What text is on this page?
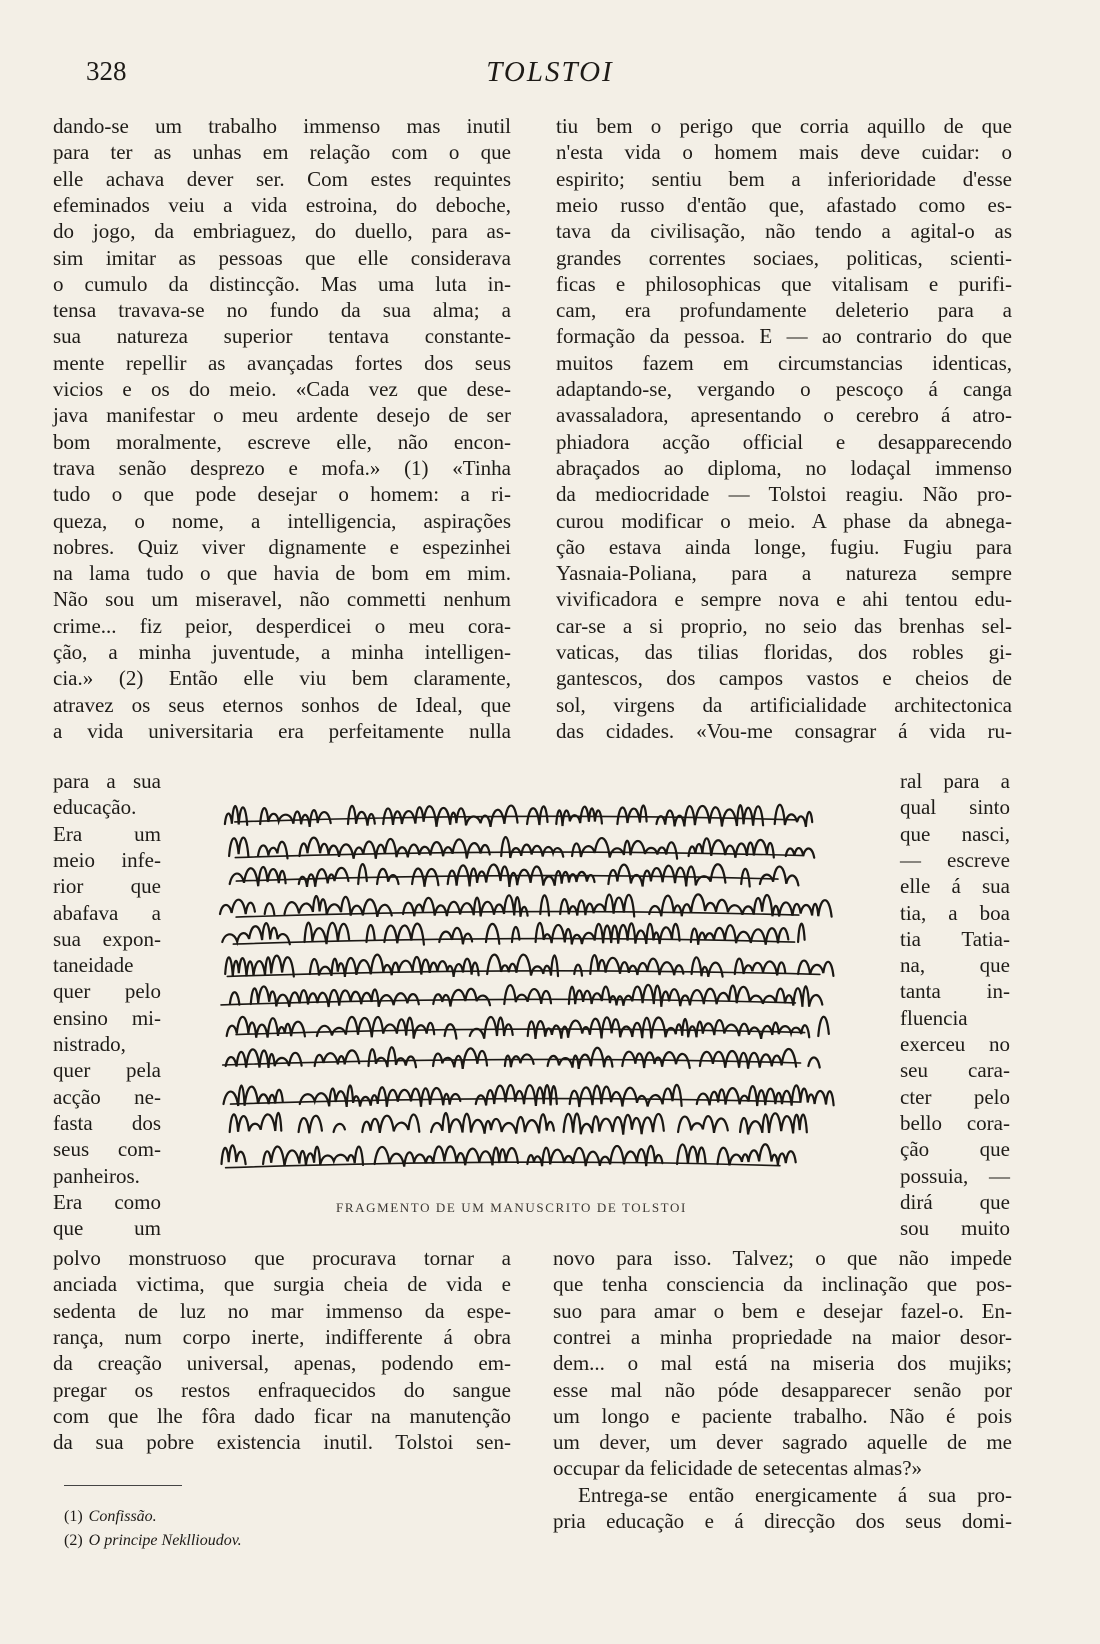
328	TOLSTOI
dando-se um trabalho immenso mas inutil
para ter as unhas em relação com o que
elle achava dever ser. Com estes requintes
efeminados veiu a vida estroina, do deboche,
do jogo, da embriaguez, do duello, para as-
sim imitar as pessoas que elle considerava
o cumulo da distincção. Mas uma luta in-
tensa travava-se no fundo da sua alma; a
sua natureza superior tentava constante-
mente repellir as avançadas fortes dos seus
vicios e os do meio. «Cada vez que dese-
java manifestar o meu ardente desejo de ser
bom moralmente, escreve elle, não encon-
trava senão desprezo e mofa.» (1) «Tinha
tudo o que pode desejar o homem: a ri-
queza, o nome, a intelligencia, aspirações
nobres. Quiz viver dignamente e espezinhei
na lama tudo o que havia de bom em mim.
Não sou um miseravel, não commetti nenhum
crime... fiz peior, desperdicei o meu cora-
ção, a minha juventude, a minha intelligen-
cia.» (2) Então elle viu bem claramente,
atravez os seus eternos sonhos de Ideal, que
a vida universitaria era perfeitamente nulla
para a sua
educação.
Era um
meio infe-
rior que
abafava a
sua expon-
taneidade
quer pelo
ensino mi-
nistrado,
quer pela
acção ne-
fasta dos
seus com-
panheiros.
Era como
que um
polvo monstruoso que procurava tornar a
anciada victima, que surgia cheia de vida e
sedenta de luz no mar immenso da espe-
rança, num corpo inerte, indifferente á obra
da creação universal, apenas, podendo em-
pregar os restos enfraquecidos do sangue
com que lhe fôra dado ficar na manutenção
da sua pobre existencia inutil. Tolstoi sen-
tiu bem o perigo que corria aquillo de que
n'esta vida o homem mais deve cuidar: o
espirito; sentiu bem a inferioridade d'esse
meio russo d'então que, afastado como es-
tava da civilisação, não tendo a agital-o as
grandes correntes sociaes, politicas, scienti-
ficas e philosophicas que vitalisam e purifi-
cam, era profundamente deleterio para a
formação da pessoa. E — ao contrario do que
muitos fazem em circumstancias identicas,
adaptando-se, vergando o pescoço á canga
avassaladora, apresentando o cerebro á atro-
phiadora acção official e desapparecendo
abraçados ao diploma, no lodaçal immenso
da mediocridade — Tolstoi reagiu. Não pro-
curou modificar o meio. A phase da abnega-
ção estava ainda longe, fugiu. Fugiu para
Yasnaia-Poliana, para a natureza sempre
vivificadora e sempre nova e ahi tentou edu-
car-se a si proprio, no seio das brenhas sel-
vaticas, das tilias floridas, dos robles gi-
gantescos, dos campos vastos e cheios de
sol, virgens da artificialidade architectonica
das cidades. «Vou-me consagrar á vida ru-
ral para a
qual sinto
que nasci,
— escreve
elle á sua
tia, a boa
tia Tatia-
na, que
tanta in-
fluencia
exerceu no
seu cara-
cter pelo
bello cora-
ção que
possuia, —
dirá que
sou muito
novo para isso. Talvez; o que não impede
que tenha consciencia da inclinação que pos-
suo para amar o bem e desejar fazel-o. En-
contrei a minha propriedade na maior desor-
dem... o mal está na miseria dos mujiks;
esse mal não póde desapparecer senão por
um longo e paciente trabalho. Não é pois
um dever, um dever sagrado aquelle de me
occupar da felicidade de setecentas almas?»
Entrega-se então energicamente á sua pro-
pria educação e á direcção dos seus domi-
FRAGMENTO DE UM MANUSCRITO DE TOLSTOI
(1) Confissão.
(2) O principe Nekllioudov.
